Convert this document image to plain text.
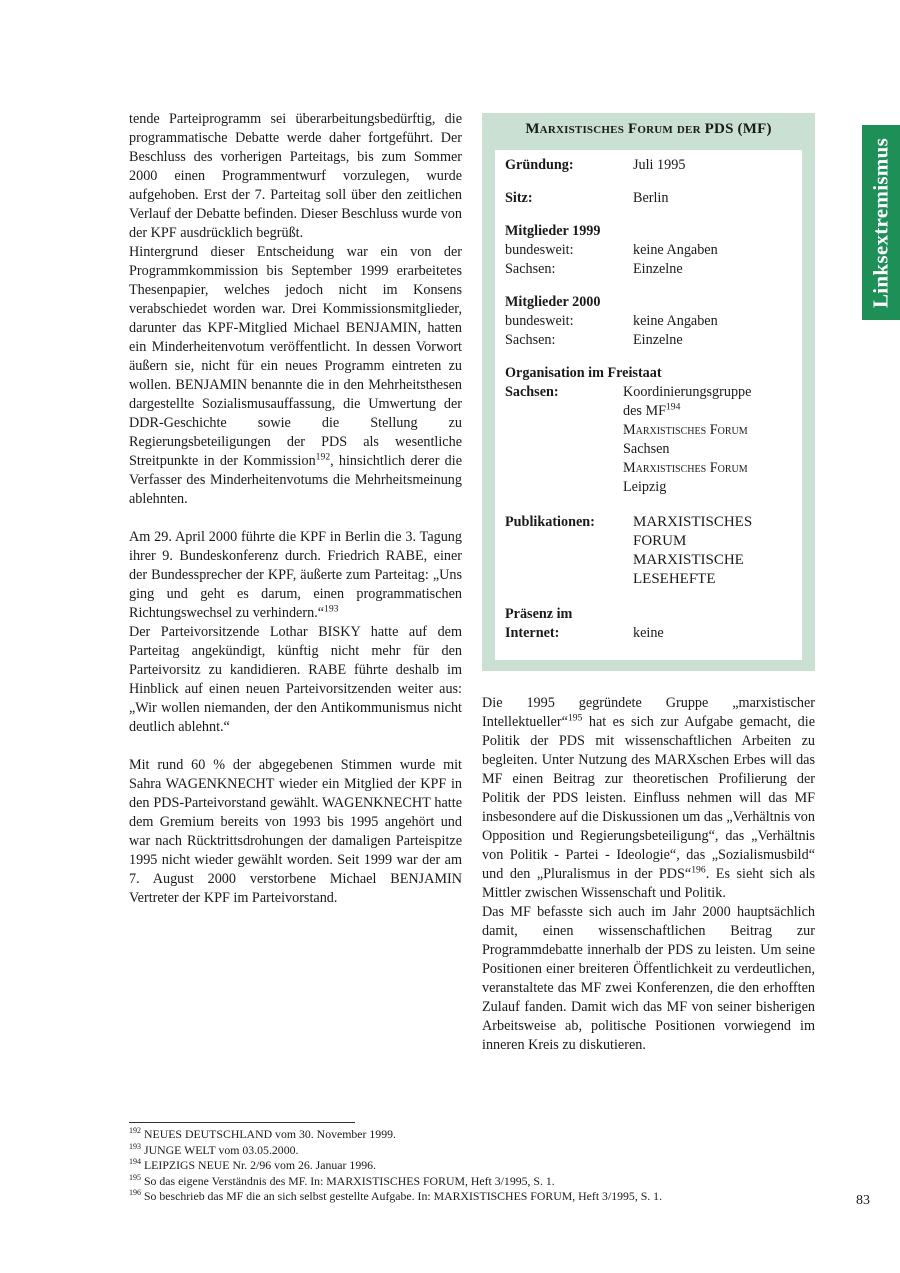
tende Parteiprogramm sei überarbeitungsbedürftig, die programmatische Debatte werde daher fortgeführt. Der Beschluss des vorherigen Parteitags, bis zum Sommer 2000 einen Programmentwurf vorzulegen, wurde aufgehoben. Erst der 7. Parteitag soll über den zeitlichen Verlauf der Debatte befinden. Dieser Beschluss wurde von der KPF ausdrücklich begrüßt.

Hintergrund dieser Entscheidung war ein von der Programmkommission bis September 1999 erarbeitetes Thesenpapier, welches jedoch nicht im Konsens verabschiedet worden war. Drei Kommissionsmitglieder, darunter das KPF-Mitglied Michael BENJAMIN, hatten ein Minderheitenvotum veröffentlicht. In dessen Vorwort äußern sie, nicht für ein neues Programm eintreten zu wollen. BENJAMIN benannte die in den Mehrheitsthesen dargestellte Sozialismusauffassung, die Umwertung der DDR-Geschichte sowie die Stellung zu Regierungsbeteiligungen der PDS als wesentliche Streitpunkte in der Kommission$^{192}$, hinsichtlich derer die Verfasser des Minderheitenvotums die Mehrheitsmeinung ablehnten.

Am 29. April 2000 führte die KPF in Berlin die 3. Tagung ihrer 9. Bundeskonferenz durch. Friedrich RABE, einer der Bundessprecher der KPF, äußerte zum Parteitag: „Uns ging und geht es darum, einen programmatischen Richtungswechsel zu verhindern.“$^{193}$

Der Parteivorsitzende Lothar BISKY hatte auf dem Parteitag angekündigt, künftig nicht mehr für den Parteivorsitz zu kandidieren. RABE führte deshalb im Hinblick auf einen neuen Parteivorsitzenden weiter aus: „Wir wollen niemanden, der den Antikommunismus nicht deutlich ablehnt.“

Mit rund 60 % der abgegebenen Stimmen wurde mit Sahra WAGENKNECHT wieder ein Mitglied der KPF in den PDS-Parteivorstand gewählt. WAGENKNECHT hatte dem Gremium bereits von 1993 bis 1995 angehört und war nach Rücktrittsdrohungen der damaligen Parteispitze 1995 nicht wieder gewählt worden. Seit 1999 war der am 7. August 2000 verstorbene Michael BENJAMIN Vertreter der KPF im Parteivorstand.

Marxistisches Forum der PDS (MF)
Gründung:	Juli 1995
Sitz:	Berlin
Mitglieder 1999
bundesweit:	keine Angaben
Sachsen:	Einzelne
Mitglieder 2000
bundesweit:	keine Angaben
Sachsen:	Einzelne
Organisation im Freistaat
Sachsen:	Koordinierungsgruppe
des MF$^{194}$
Marxistisches Forum
Sachsen
Marxistisches Forum
Leipzig
Publikationen:	MARXISTISCHES
FORUM
MARXISTISCHE
LESEHEFTE
Präsenz im
Internet:	keine

Die 1995 gegründete Gruppe „marxistischer Intellektueller“$^{195}$ hat es sich zur Aufgabe gemacht, die Politik der PDS mit wissenschaftlichen Arbeiten zu begleiten. Unter Nutzung des MARXschen Erbes will das MF einen Beitrag zur theoretischen Profilierung der Politik der PDS leisten. Einfluss nehmen will das MF insbesondere auf die Diskussionen um das „Verhältnis von Opposition und Regierungsbeteiligung“, das „Verhältnis von Politik - Partei - Ideologie“, das „Sozialismusbild“ und den „Pluralismus in der PDS“$^{196}$. Es sieht sich als Mittler zwischen Wissenschaft und Politik.

Das MF befasste sich auch im Jahr 2000 hauptsächlich damit, einen wissenschaftlichen Beitrag zur Programmdebatte innerhalb der PDS zu leisten. Um seine Positionen einer breiteren Öffentlichkeit zu verdeutlichen, veranstaltete das MF zwei Konferenzen, die den erhofften Zulauf fanden. Damit wich das MF von seiner bisherigen Arbeitsweise ab, politische Positionen vorwiegend im inneren Kreis zu diskutieren.

Linksextremismus
$^{192}$ NEUES DEUTSCHLAND vom 30. November 1999.
$^{193}$ JUNGE WELT vom 03.05.2000.
$^{194}$ LEIPZIGS NEUE Nr. 2/96 vom 26. Januar 1996.
$^{195}$ So das eigene Verständnis des MF. In: MARXISTISCHES FORUM, Heft 3/1995, S. 1.
$^{196}$ So beschrieb das MF die an sich selbst gestellte Aufgabe. In: MARXISTISCHES FORUM, Heft 3/1995, S. 1.	83
